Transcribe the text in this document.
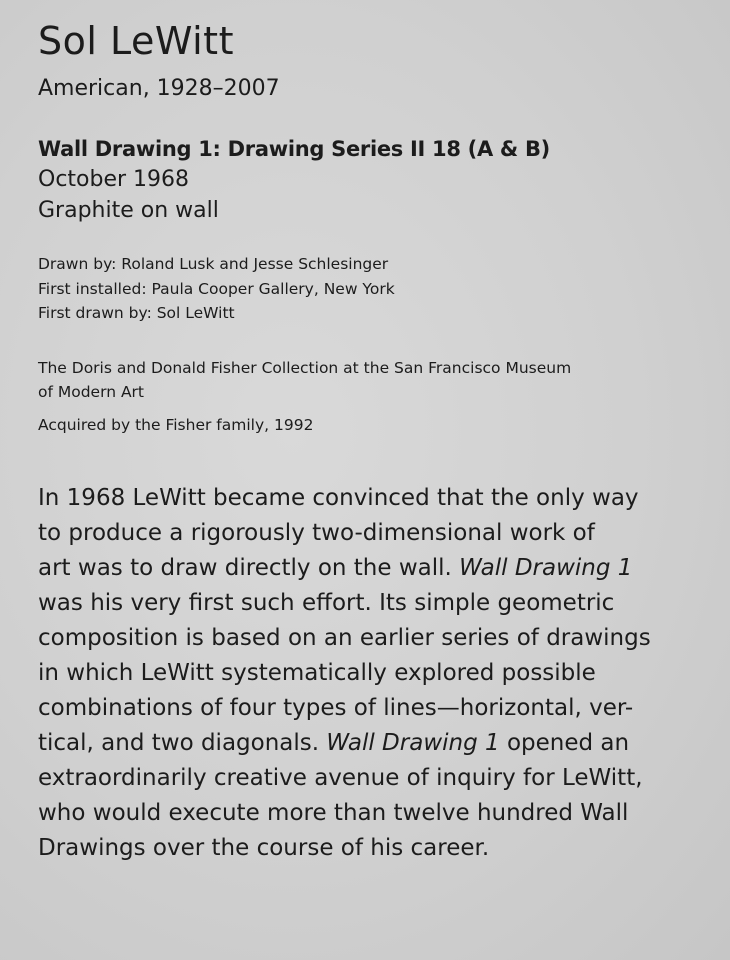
Sol LeWitt

American, 1928–2007

Wall Drawing 1: Drawing Series II 18 (A & B)

October 1968

Graphite on wall

Drawn by: Roland Lusk and Jesse Schlesinger

First installed: Paula Cooper Gallery, New York

First drawn by: Sol LeWitt

The Doris and Donald Fisher Collection at the San Francisco Museum
of Modern Art

Acquired by the Fisher family, 1992

In 1968 LeWitt became convinced that the only way
to produce a rigorously two-dimensional work of
art was to draw directly on the wall. Wall Drawing 1
was his very first such effort. Its simple geometric
composition is based on an earlier series of drawings
in which LeWitt systematically explored possible
combinations of four types of lines—horizontal, ver-
tical, and two diagonals. Wall Drawing 1 opened an
extraordinarily creative avenue of inquiry for LeWitt,
who would execute more than twelve hundred Wall
Drawings over the course of his career.
